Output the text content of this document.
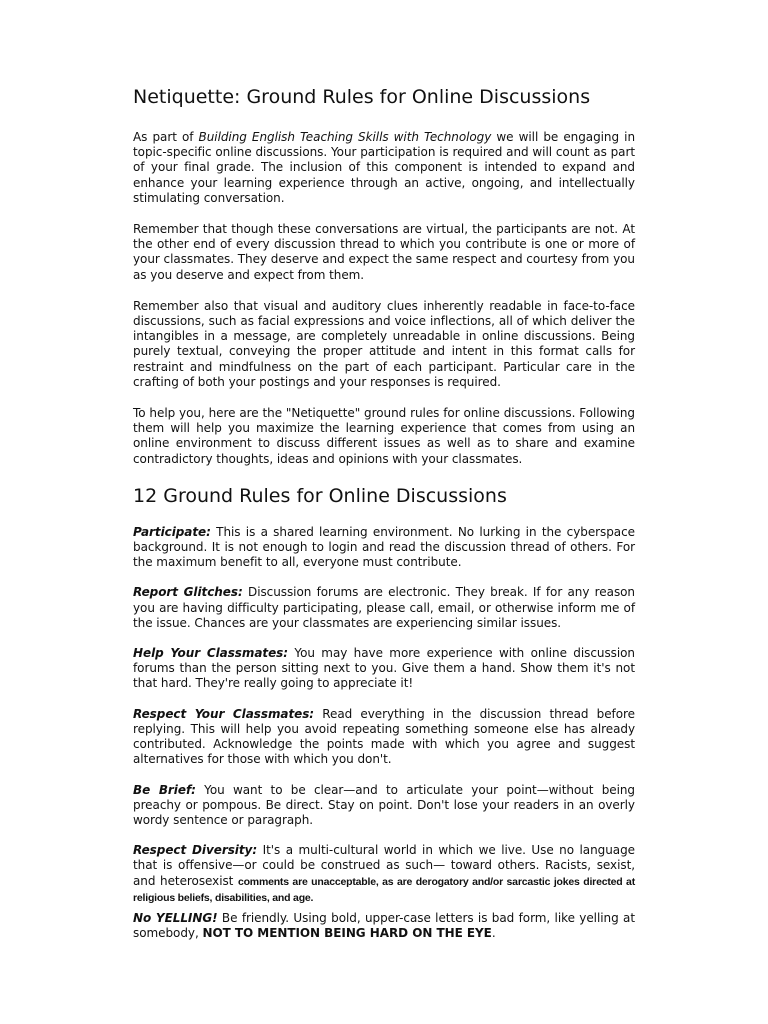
Netiquette: Ground Rules for Online Discussions

As part of Building English Teaching Skills with Technology we will be engaging in topic-specific online discussions. Your participation is required and will count as part of your final grade. The inclusion of this component is intended to expand and enhance your learning experience through an active, ongoing, and intellectually stimulating conversation.

Remember that though these conversations are virtual, the participants are not. At the other end of every discussion thread to which you contribute is one or more of your classmates. They deserve and expect the same respect and courtesy from you as you deserve and expect from them.

Remember also that visual and auditory clues inherently readable in face-to-face discussions, such as facial expressions and voice inflections, all of which deliver the intangibles in a message, are completely unreadable in online discussions. Being purely textual, conveying the proper attitude and intent in this format calls for restraint and mindfulness on the part of each participant. Particular care in the crafting of both your postings and your responses is required.

To help you, here are the "Netiquette" ground rules for online discussions. Following them will help you maximize the learning experience that comes from using an online environment to discuss different issues as well as to share and examine contradictory thoughts, ideas and opinions with your classmates.

12 Ground Rules for Online Discussions

Participate: This is a shared learning environment. No lurking in the cyberspace background. It is not enough to login and read the discussion thread of others. For the maximum benefit to all, everyone must contribute.

Report Glitches: Discussion forums are electronic. They break. If for any reason you are having difficulty participating, please call, email, or otherwise inform me of the issue. Chances are your classmates are experiencing similar issues.

Help Your Classmates: You may have more experience with online discussion forums than the person sitting next to you. Give them a hand. Show them it's not that hard. They're really going to appreciate it!

Respect Your Classmates: Read everything in the discussion thread before replying. This will help you avoid repeating something someone else has already contributed. Acknowledge the points made with which you agree and suggest alternatives for those with which you don't.

Be Brief: You want to be clear—and to articulate your point—without being preachy or pompous. Be direct. Stay on point. Don't lose your readers in an overly wordy sentence or paragraph.

Respect Diversity: It's a multi-cultural world in which we live. Use no language that is offensive—or could be construed as such— toward others. Racists, sexist, and heterosexist comments are unacceptable, as are derogatory and/or sarcastic jokes directed at religious beliefs, disabilities, and age.

No YELLING! Be friendly. Using bold, upper-case letters is bad form, like yelling at somebody, NOT TO MENTION BEING HARD ON THE EYE.
